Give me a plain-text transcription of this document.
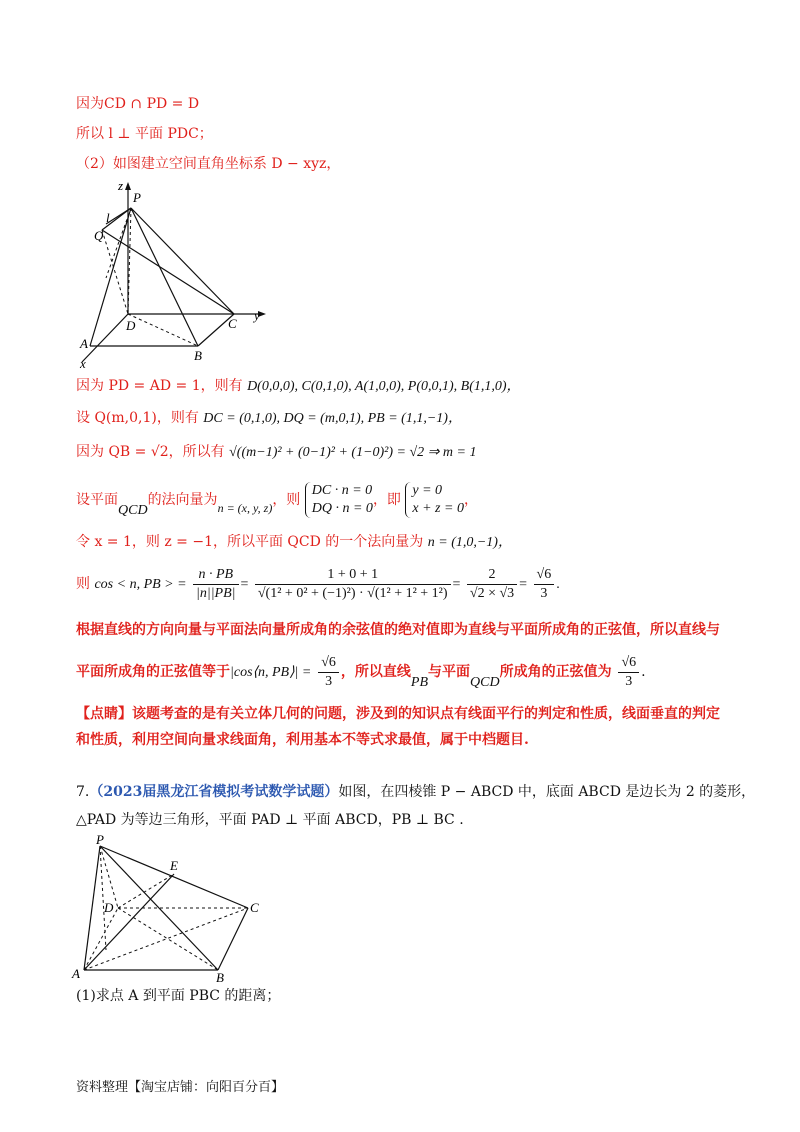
因为CD ∩ PD = D
所以 l ⊥ 平面 PDC；
（2）如图建立空间直角坐标系 D − xyz，
z
P
l
Q
D	C
y
A
x
B
因为 PD = AD = 1，则有 D(0,0,0), C(0,1,0), A(1,0,0), P(0,0,1), B(1,1,0)，
设 Q(m,0,1)，则有 DC = (0,1,0), DQ = (m,0,1), PB = (1,1,−1)，
因为 QB = √2，所以有 √((m−1)² + (0−1)² + (1−0)²) = √2 ⇒ m = 1
设平面QCD的法向量为n = (x, y, z)，则
DC · n = 0
DQ · n = 0
，即
y = 0
x + z = 0
，
令 x = 1，则 z = −1，所以平面 QCD 的一个法向量为 n = (1,0,−1)，
则 cos < n, PB > = $\frac{n \cdot PB}{|n||PB|} = \frac{1 + 0 + 1}{\text{√(1² + 0² + (−1)²) · √(1² + 1² + 1²)}} = \frac{2}{√2 \times √3} = \frac{√6}{3}$ .
根据直线的方向向量与平面法向量所成角的余弦值的绝对值即为直线与平面所成角的正弦值，所以直线与
平面所成角的正弦值等于|cos⟨n, PB⟩| = $\frac{√6}{3}$ ，所以直线PB与平面QCD所成角的正弦值为 $\frac{√6}{3}$ .
【点睛】该题考查的是有关立体几何的问题，涉及到的知识点有线面平行的判定和性质，线面垂直的判定
和性质，利用空间向量求线面角，利用基本不等式求最值，属于中档题目.
7.（2023届黑龙江省模拟考试数学试题）如图，在四棱锥 P − ABCD 中，底面 ABCD 是边长为 2 的菱形，
△PAD 为等边三角形，平面 PAD ⊥ 平面 ABCD，PB ⊥ BC .
P
E
D	C
A	B
(1)求点 A 到平面 PBC 的距离；
资料整理【淘宝店铺：向阳百分百】
